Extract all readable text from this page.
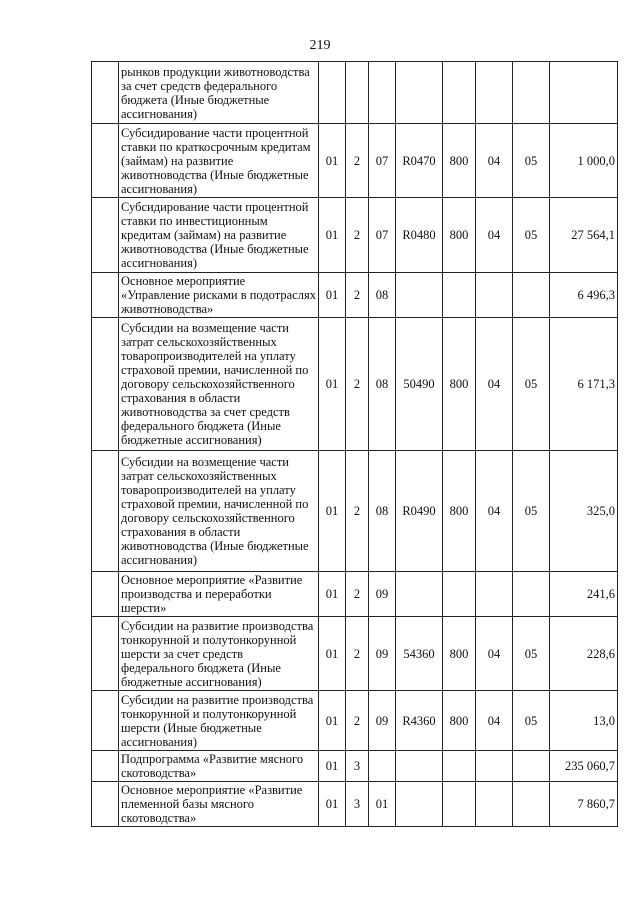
219
	рынков продукции животноводства за счет средств федерального бюджета (Иные бюджетные ассигнования)								
	Субсидирование части процентной ставки по краткосрочным кредитам (займам) на развитие животноводства (Иные бюджетные ассигнования)	01	2	07	R0470	800	04	05	1 000,0
	Субсидирование части процентной ставки по инвестиционным кредитам (займам) на развитие животноводства (Иные бюджетные ассигнования)	01	2	07	R0480	800	04	05	27 564,1
	Основное мероприятие «Управление рисками в подотраслях животноводства»	01	2	08					6 496,3
	Субсидии на возмещение части затрат сельскохозяйственных товаропроизводителей на уплату страховой премии, начисленной по договору сельскохозяйственного страхования в области животноводства за счет средств федерального бюджета (Иные бюджетные ассигнования)	01	2	08	50490	800	04	05	6 171,3
	Субсидии на возмещение части затрат сельскохозяйственных товаропроизводителей на уплату страховой премии, начисленной по договору сельскохозяйственного страхования в области животноводства (Иные бюджетные ассигнования)	01	2	08	R0490	800	04	05	325,0
	Основное мероприятие «Развитие производства и переработки шерсти»	01	2	09					241,6
	Субсидии на развитие производства тонкорунной и полутонкорунной шерсти за счет средств федерального бюджета (Иные бюджетные ассигнования)	01	2	09	54360	800	04	05	228,6
	Субсидии на развитие производства тонкорунной и полутонкорунной шерсти (Иные бюджетные ассигнования)	01	2	09	R4360	800	04	05	13,0
	Подпрограмма «Развитие мясного скотоводства»	01	3						235 060,7
	Основное мероприятие «Развитие племенной базы мясного скотоводства»	01	3	01					7 860,7
